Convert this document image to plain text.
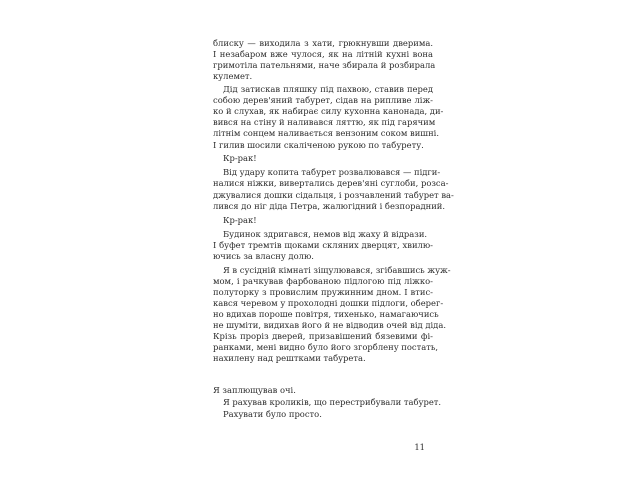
блиску — виходила з хати, грюкнувши дверима.

І незабаром вже чулося, як на літній кухні вона

гримотіла пательнями, наче збирала й розбирала

кулемет.

Дід затискав пляшку під пахвою, ставив перед

собою дерев'яний табурет, сідав на рипливе ліж-

ко й слухав, як набирає силу кухонна канонада, ди-

вився на стіну й наливався ляттю, як під гарячим

літнім сонцем наливається вензоним соком вишні.

І гилив шосили скаліченою рукою по табурету.

Кр-рак!

Від удару копита табурет розвалювався — підги-

налися ніжки, вивертались дерев'яні суглоби, розса-

джувалися дошки сідальця, і розчавлений табурет ва-

лився до ніг діда Петра, жалюгідний і безпорадний.

Кр-рак!

Будинок здригався, немов від жаху й відрази.

І буфет тремтів щоками скляних дверцят, хвилю-

ючись за власну долю.

Я в сусідній кімнаті зіщулювався, згібавшись жуж-

мом, і рачкував фарбованою підлогою під ліжко-

полуторку з провислим пружинним дном. І втис-

кався черевом у прохолодні дошки підлоги, оберег-

но вдихав пороше повітря, тихенько, намагаючись

не шуміти, видихав його й не відводив очей від діда.

Крізь проріз дверей, призавішений бязевими фі-

ранками, мені видно було його згорблену постать,

нахилену над рештками табурета.

Я заплющував очі.

Я рахував кроликів, що перестрибували табурет.

Рахувати було просто.

11
